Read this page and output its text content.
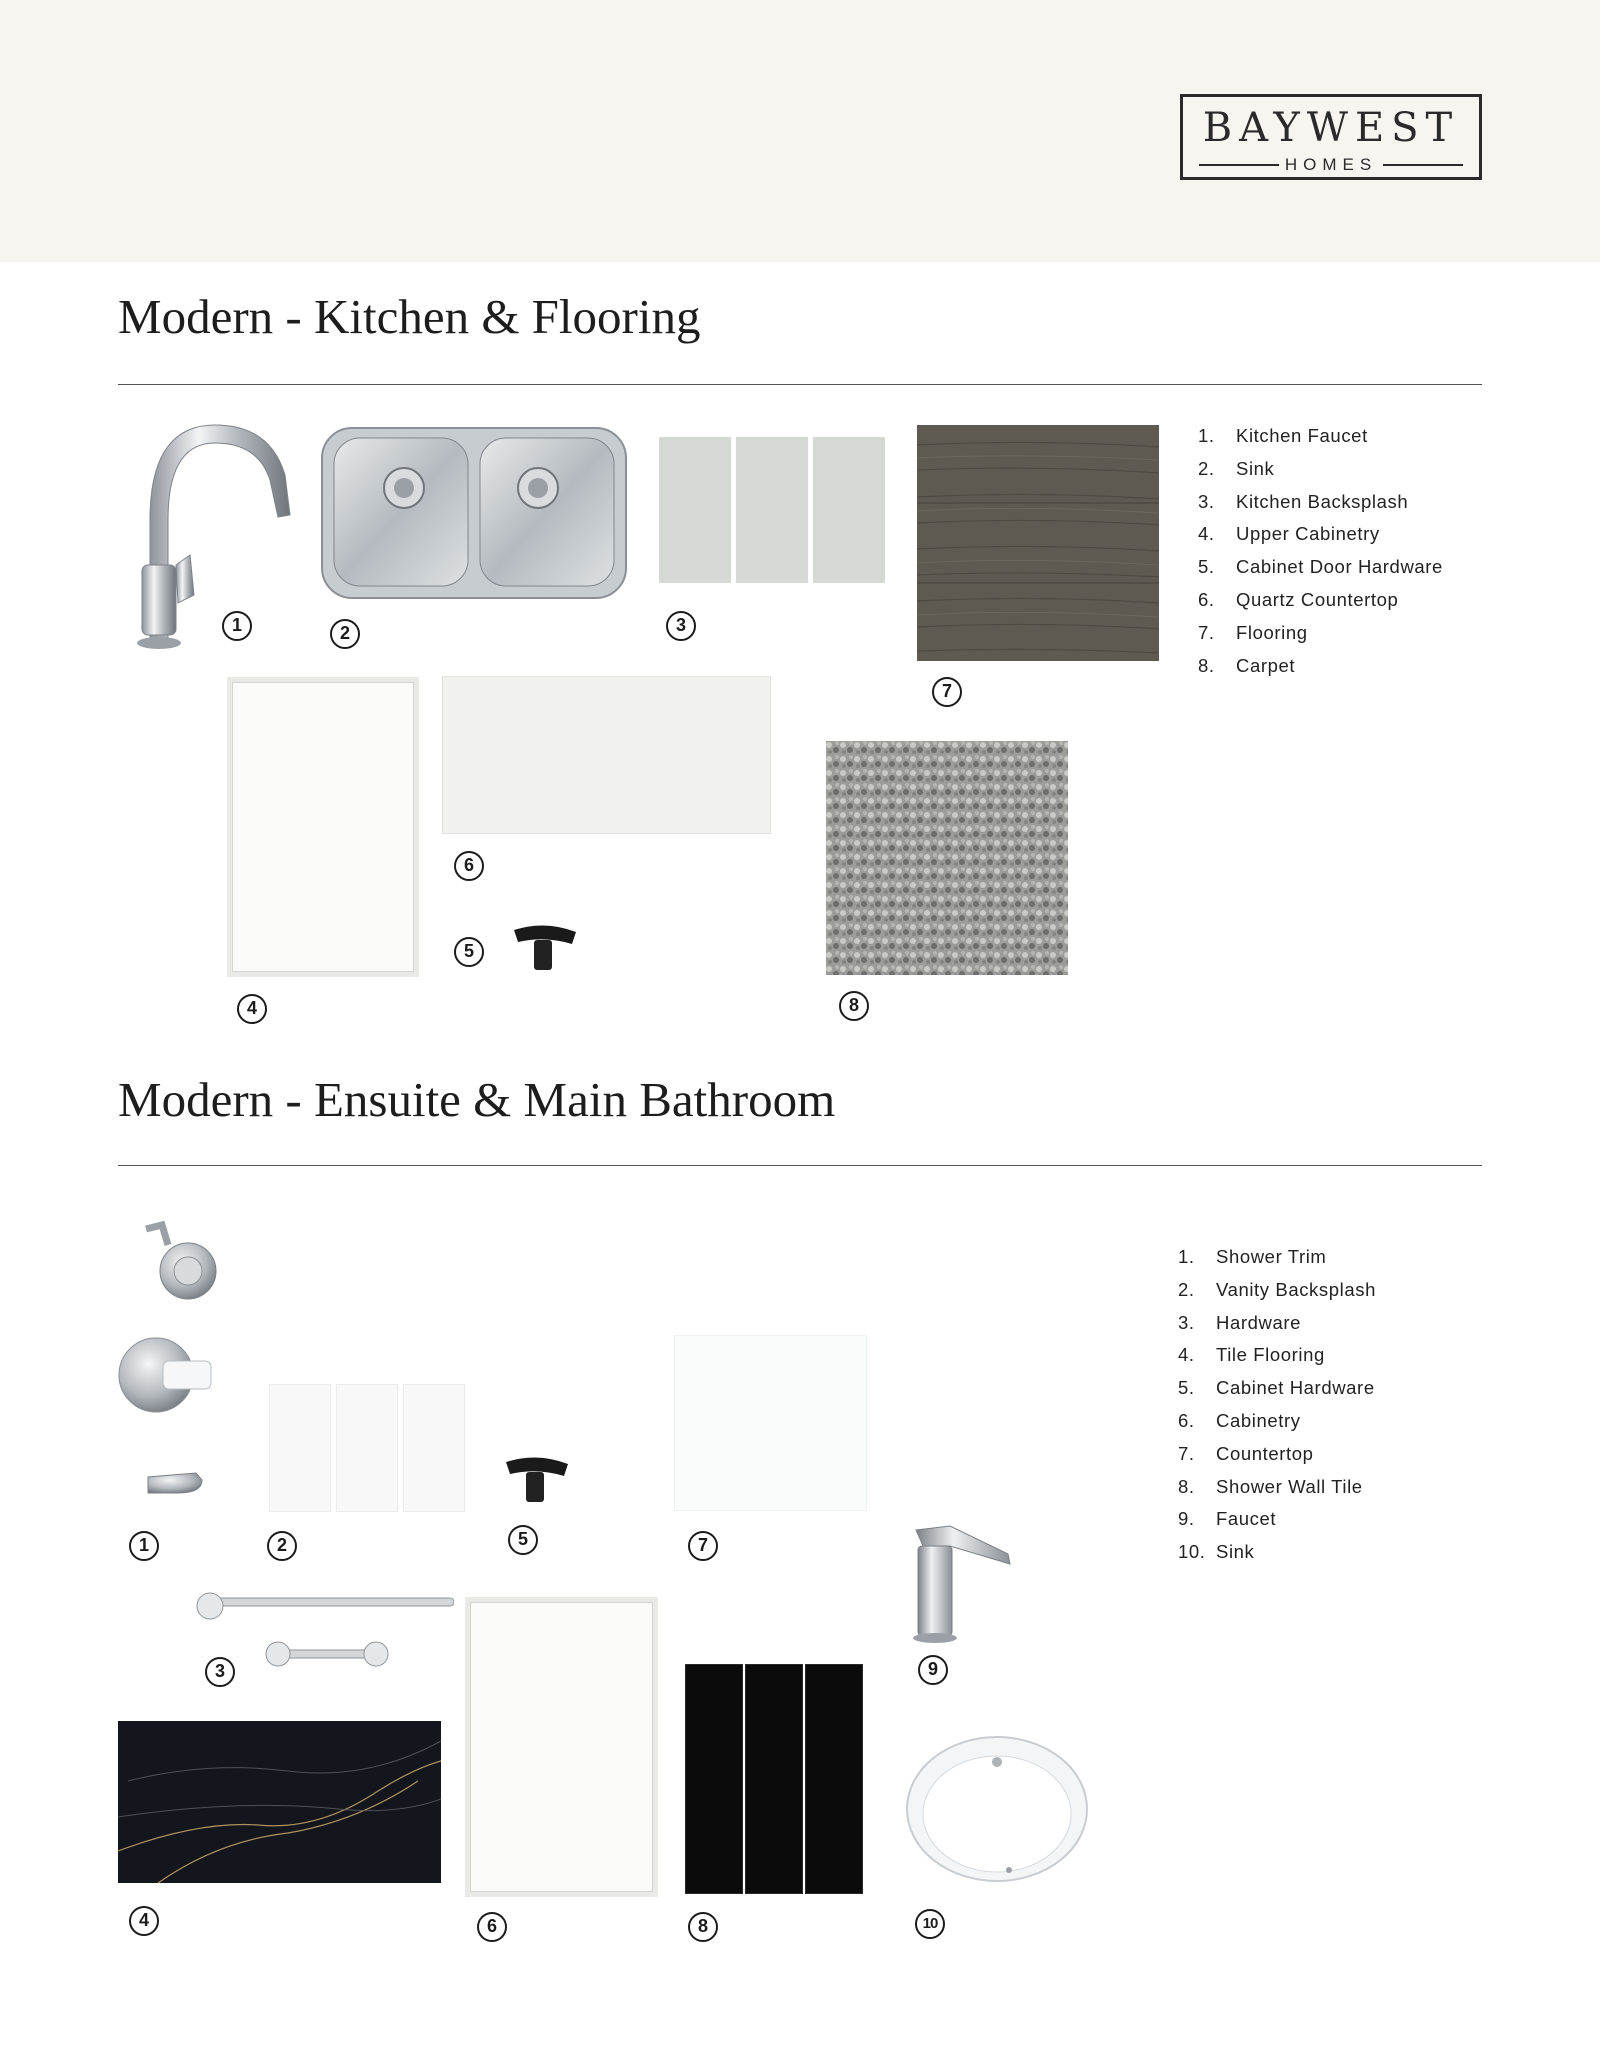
BAYWEST
HOMES
Modern - Kitchen & Flooring
1. Kitchen Faucet
2. Sink
3. Kitchen Backsplash
4. Upper Cabinetry
5. Cabinet Door Hardware
6. Quartz Countertop
7. Flooring
8. Carpet
1	2	3
4
5
6
7
8
Modern - Ensuite & Main Bathroom
1. Shower Trim
2. Vanity Backsplash
3. Hardware
4. Tile Flooring
5. Cabinet Hardware
6. Cabinetry
7. Countertop
8. Shower Wall Tile
9. Faucet
10. Sink
1	2
3
4
5
6
7
8
9
10
